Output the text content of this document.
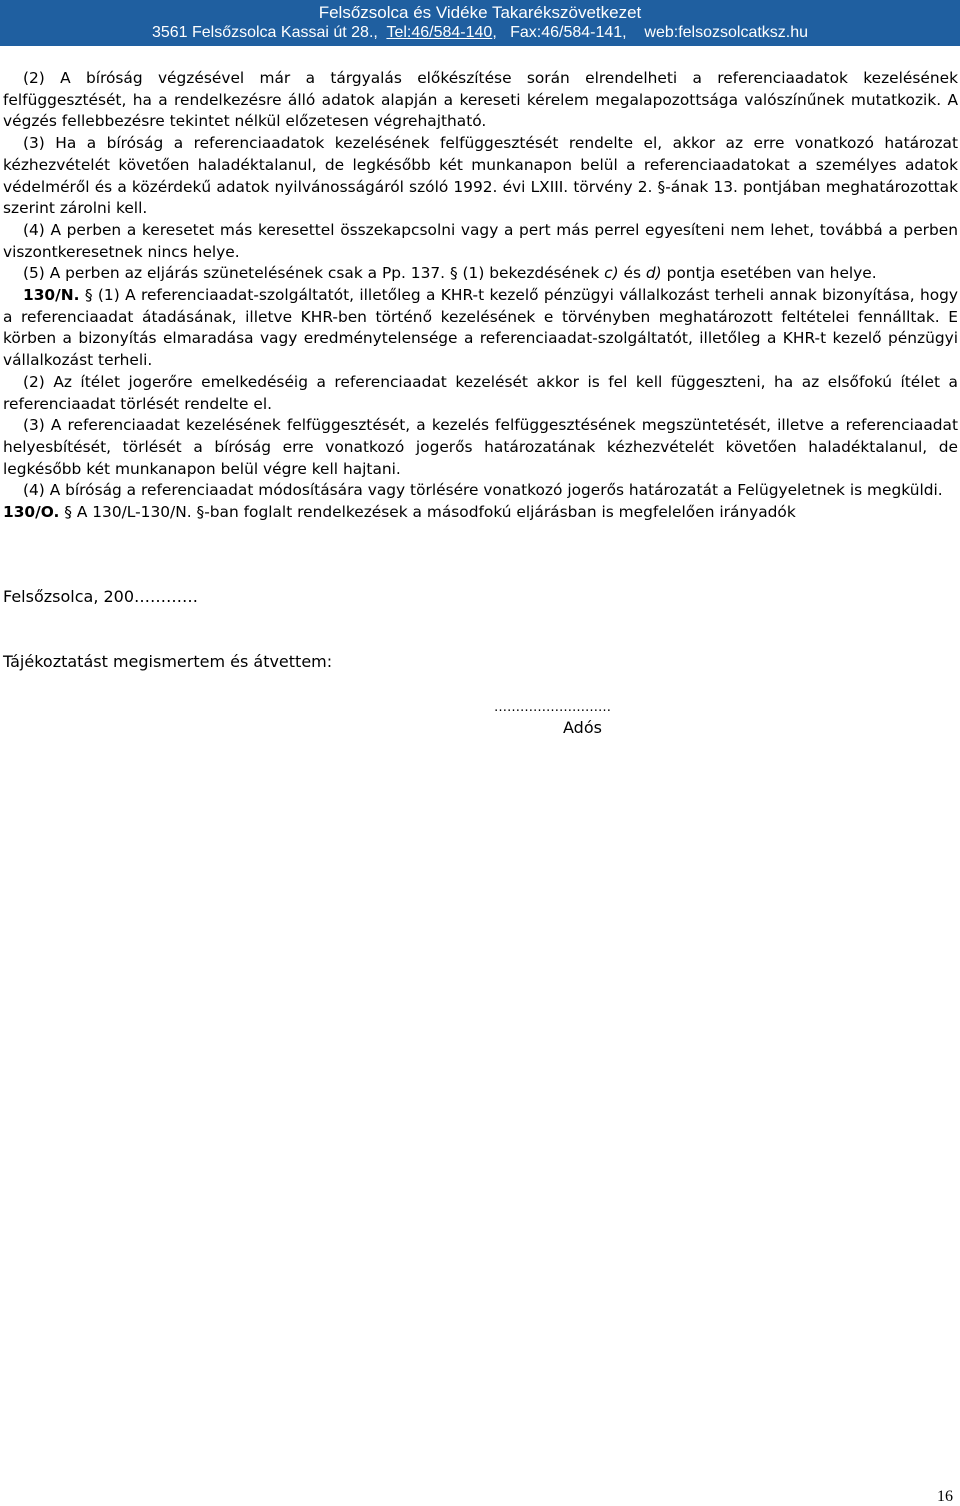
Felsőzsolca és Vidéke Takarékszövetkezet
3561 Felsőzsolca Kassai út 28.,  Tel:46/584-140,   Fax:46/584-141,    web:felsozsolcatksz.hu

(2) A bíróság végzésével már a tárgyalás előkészítése során elrendelheti a referenciaadatok kezelésének felfüggesztését, ha a rendelkezésre álló adatok alapján a kereseti kérelem megalapozottsága valószínűnek mutatkozik. A végzés fellebbezésre tekintet nélkül előzetesen végrehajtható.

(3) Ha a bíróság a referenciaadatok kezelésének felfüggesztését rendelte el, akkor az erre vonatkozó határozat kézhezvételét követően haladéktalanul, de legkésőbb két munkanapon belül a referenciaadatokat a személyes adatok védelméről és a közérdekű adatok nyilvánosságáról szóló 1992. évi LXIII. törvény 2. §-ának 13. pontjában meghatározottak szerint zárolni kell.

(4) A perben a keresetet más keresettel összekapcsolni vagy a pert más perrel egyesíteni nem lehet, továbbá a perben viszontkeresetnek nincs helye.

(5) A perben az eljárás szünetelésének csak a Pp. 137. § (1) bekezdésének c) és d) pontja esetében van helye.

130/N. § (1) A referenciaadat-szolgáltatót, illetőleg a KHR-t kezelő pénzügyi vállalkozást terheli annak bizonyítása, hogy a referenciaadat átadásának, illetve KHR-ben történő kezelésének e törvényben meghatározott feltételei fennálltak. E körben a bizonyítás elmaradása vagy eredménytelensége a referenciaadat-szolgáltatót, illetőleg a KHR-t kezelő pénzügyi vállalkozást terheli.

(2) Az ítélet jogerőre emelkedéséig a referenciaadat kezelését akkor is fel kell függeszteni, ha az elsőfokú ítélet a referenciaadat törlését rendelte el.

(3) A referenciaadat kezelésének felfüggesztését, a kezelés felfüggesztésének megszüntetését, illetve a referenciaadat helyesbítését, törlését a bíróság erre vonatkozó jogerős határozatának kézhezvételét követően haladéktalanul, de legkésőbb két munkanapon belül végre kell hajtani.

(4) A bíróság a referenciaadat módosítására vagy törlésére vonatkozó jogerős határozatát a Felügyeletnek is megküldi.

130/O. § A 130/L-130/N. §-ban foglalt rendelkezések a másodfokú eljárásban is megfelelően irányadók

Felsőzsolca, 200…………
Tájékoztatást megismertem és átvettem:
………………………
Adós
16
